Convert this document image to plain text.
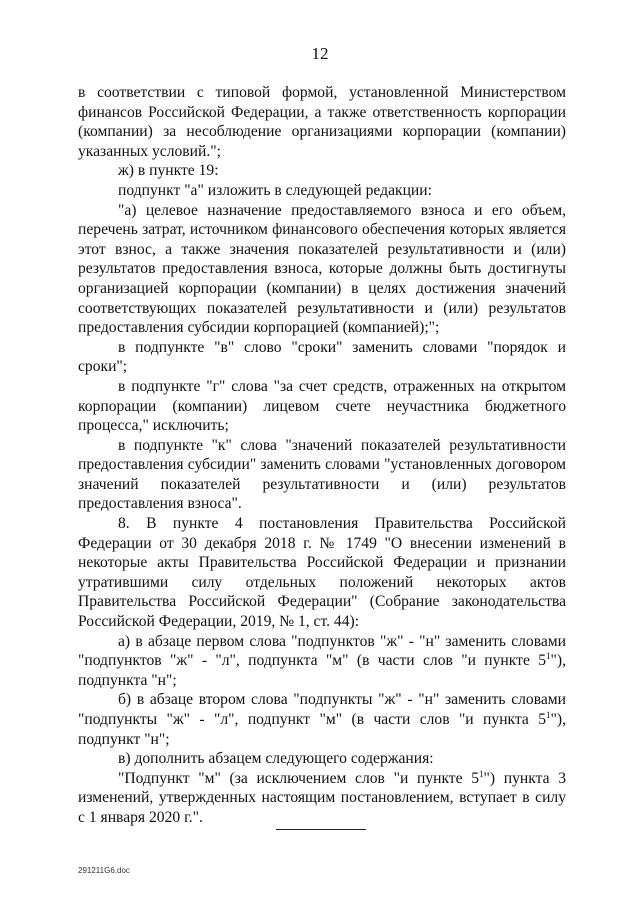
12

в соответствии с типовой формой, установленной Министерством финансов Российской Федерации, а также ответственность корпорации (компании) за несоблюдение организациями корпорации (компании) указанных условий.";

ж) в пункте 19:

подпункт "а" изложить в следующей редакции:

"а) целевое назначение предоставляемого взноса и его объем, перечень затрат, источником финансового обеспечения которых является этот взнос, а также значения показателей результативности и (или) результатов предоставления взноса, которые должны быть достигнуты организацией корпорации (компании) в целях достижения значений соответствующих показателей результативности и (или) результатов предоставления субсидии корпорацией (компанией);";

в подпункте "в" слово "сроки" заменить словами "порядок и сроки";

в подпункте "г" слова "за счет средств, отраженных на открытом корпорации (компании) лицевом счете неучастника бюджетного процесса," исключить;

в подпункте "к" слова "значений показателей результативности предоставления субсидии" заменить словами "установленных договором значений показателей результативности и (или) результатов предоставления взноса".

8. В пункте 4 постановления Правительства Российской Федерации от 30 декабря 2018 г. № 1749 "О внесении изменений в некоторые акты Правительства Российской Федерации и признании утратившими силу отдельных положений некоторых актов Правительства Российской Федерации" (Собрание законодательства Российской Федерации, 2019, № 1, ст. 44):

а) в абзаце первом слова "подпунктов "ж" - "н" заменить словами "подпунктов "ж" - "л", подпункта "м" (в части слов "и пункте $5^1$"), подпункта "н";

б) в абзаце втором слова "подпункты "ж" - "н" заменить словами "подпункты "ж" - "л", подпункт "м" (в части слов "и пункта $5^1$"), подпункт "н";

в) дополнить абзацем следующего содержания:

"Подпункт "м" (за исключением слов "и пункте $5^1$") пункта 3 изменений, утвержденных настоящим постановлением, вступает в силу с 1 января 2020 г.".

291211G6.doc
